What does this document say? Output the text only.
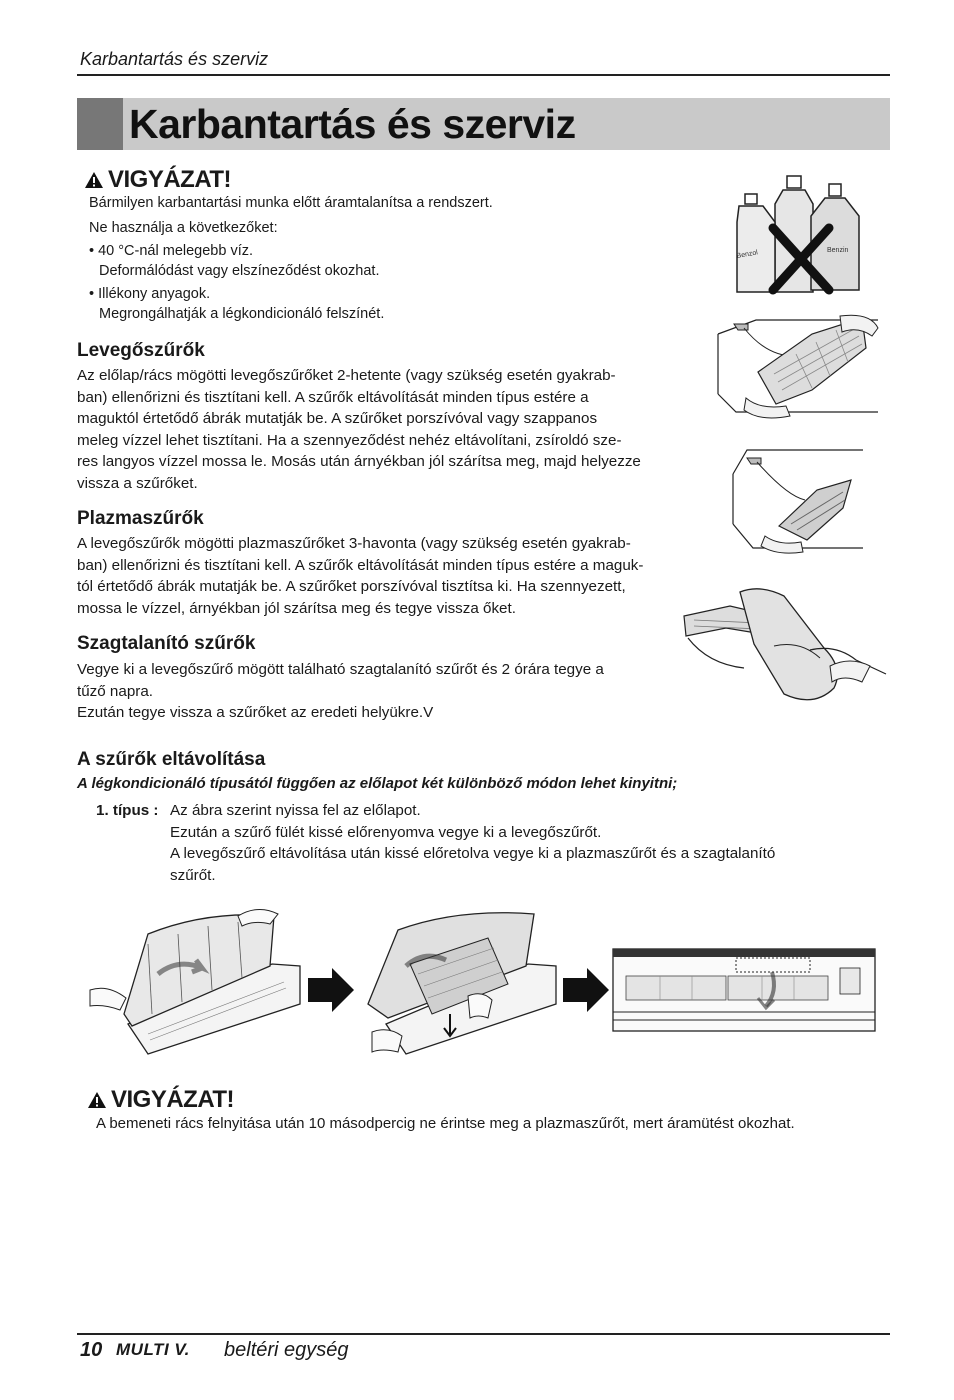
Karbantartás és szerviz
Karbantartás és szerviz
VIGYÁZAT!
Bármilyen karbantartási munka előtt áramtalanítsa a rendszert.
Ne használja a következőket:
• 40 °C-nál melegebb víz.
Deformálódást vagy elszíneződést okozhat.
• Illékony anyagok.
Megrongálhatják a légkondicionáló felszínét.
Benzol	Benzin
Levegőszűrők
Az előlap/rács mögötti levegőszűrőket 2-hetente (vagy szükség esetén gyakrab-
ban) ellenőrizni és tisztítani kell. A szűrők eltávolítását minden típus estére a
maguktól értetődő ábrák mutatják be. A szűrőket porszívóval vagy szappanos
meleg vízzel lehet tisztítani. Ha a szennyeződést nehéz eltávolítani, zsíroldó sze-
res langyos vízzel mossa le. Mosás után árnyékban jól szárítsa meg, majd helyezze
vissza a szűrőket.
Plazmaszűrők
A levegőszűrők mögötti plazmaszűrőket 3-havonta (vagy szükség esetén gyakrab-
ban) ellenőrizni és tisztítani kell. A szűrők eltávolítását minden típus estére a maguk-
tól értetődő ábrák mutatják be. A szűrőket porszívóval tisztítsa ki. Ha szennyezett,
mossa le vízzel, árnyékban jól szárítsa meg és tegye vissza őket.
Szagtalanító szűrők
Vegye ki a levegőszűrő mögött található szagtalanító szűrőt és 2 órára tegye a
tűző napra.
Ezután tegye vissza a szűrőket az eredeti helyükre.V
A szűrők eltávolítása
A légkondicionáló típusától függően az előlapot két különböző módon lehet kinyitni;
1. típus : Az ábra szerint nyissa fel az előlapot.
Ezután a szűrő fülét kissé előrenyomva vegye ki a levegőszűrőt.
A levegőszűrő eltávolítása után kissé előretolva vegye ki a plazmaszűrőt és a szagtalanító
szűrőt.
VIGYÁZAT!
A bemeneti rács felnyitása után 10 másodpercig ne érintse meg a plazmaszűrőt, mert áramütést okozhat.
10 MULTI V. beltéri egység
